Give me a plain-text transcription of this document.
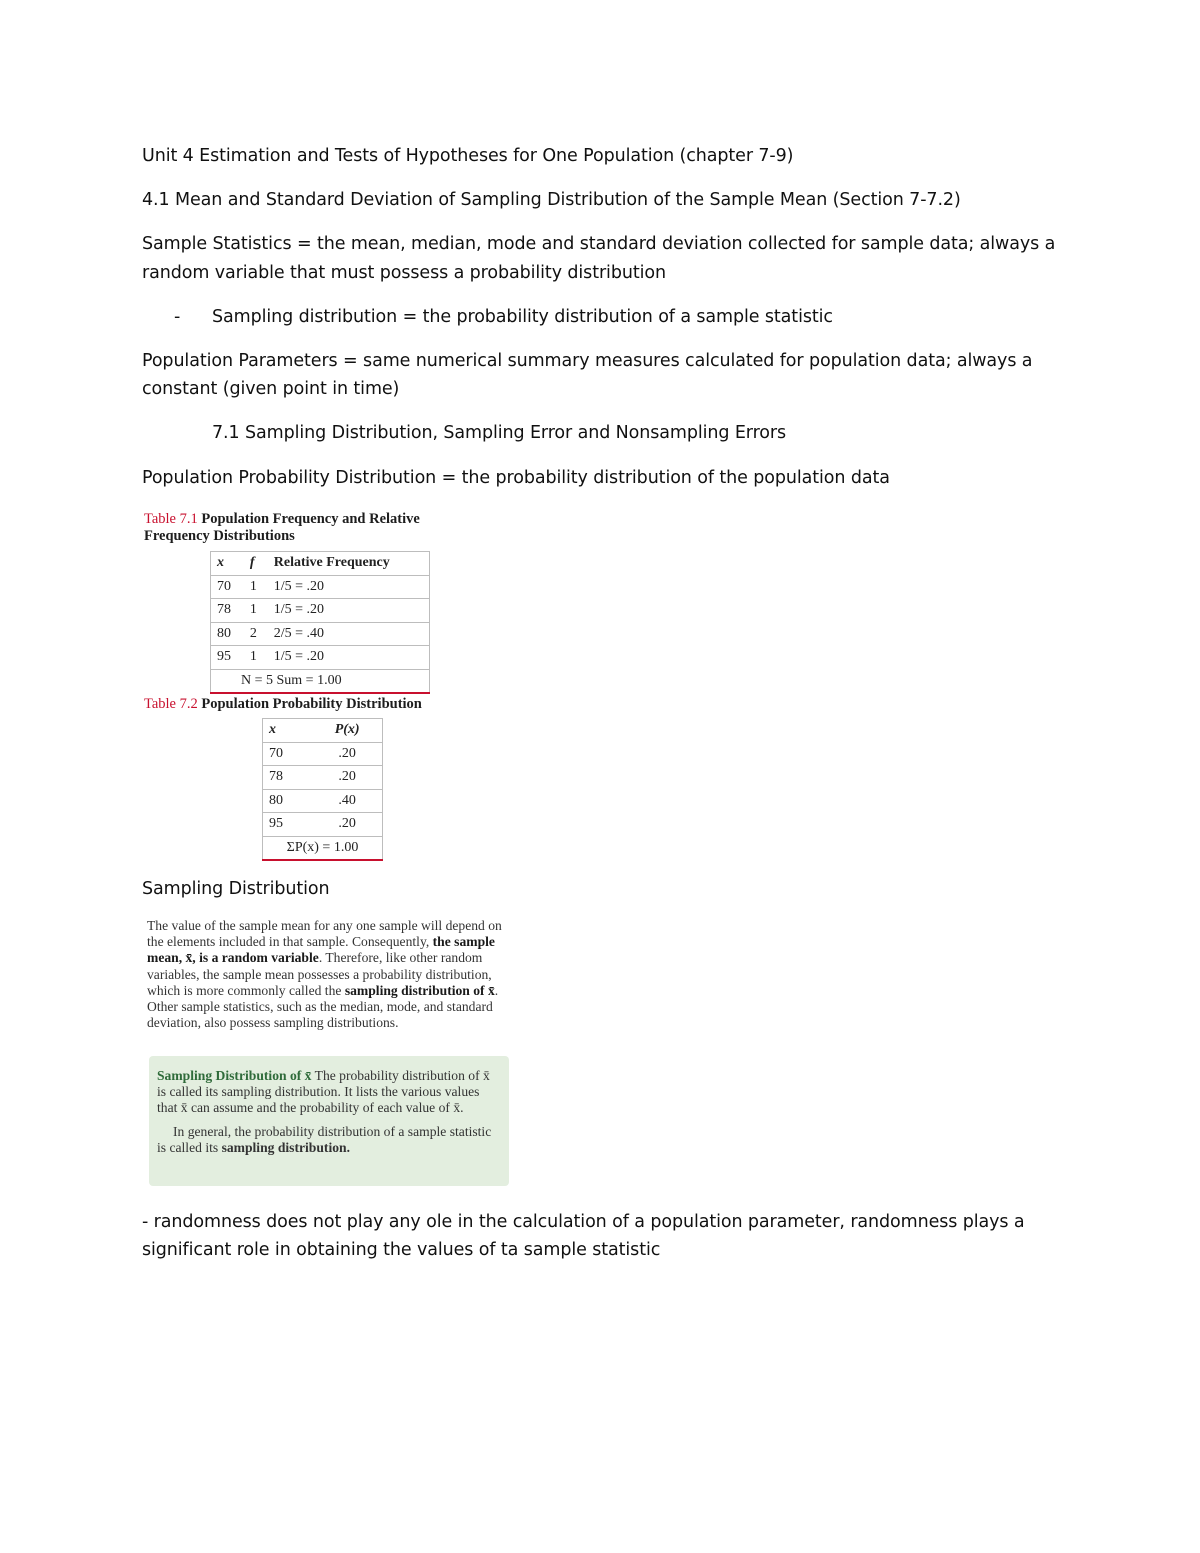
Unit 4 Estimation and Tests of Hypotheses for One Population (chapter 7-9)

4.1 Mean and Standard Deviation of Sampling Distribution of the Sample Mean (Section 7-7.2)

Sample Statistics = the mean, median, mode and standard deviation collected for sample data; always a

random variable that must possess a probability distribution

- Sampling distribution = the probability distribution of a sample statistic

Population Parameters = same numerical summary measures calculated for population data; always a

constant (given point in time)

7.1 Sampling Distribution, Sampling Error and Nonsampling Errors

Population Probability Distribution = the probability distribution of the population data

Table 7.1 Population Frequency and Relative
Frequency Distributions
x	f	Relative Frequency
70	1	1/5 = .20
78	1	1/5 = .20
80	2	2/5 = .40
95	1	1/5 = .20
N = 5 Sum = 1.00		
Table 7.2 Population Probability Distribution
x	P(x)
70	.20
78	.20
80	.40
95	.20
ΣP(x) = 1.00	

Sampling Distribution

The value of the sample mean for any one sample will depend on the elements included in that sample. Consequently, the sample mean, x̄, is a random variable. Therefore, like other random variables, the sample mean possesses a probability distribution, which is more commonly called the sampling distribution of x̄. Other sample statistics, such as the median, mode, and standard deviation, also possess sampling distributions.
Sampling Distribution of x̄ The probability distribution of x̄ is called its sampling distribution. It lists the various values that x̄ can assume and the probability of each value of x̄.
In general, the probability distribution of a sample statistic is called its sampling distribution.

- randomness does not play any ole in the calculation of a population parameter, randomness plays a

significant role in obtaining the values of ta sample statistic
